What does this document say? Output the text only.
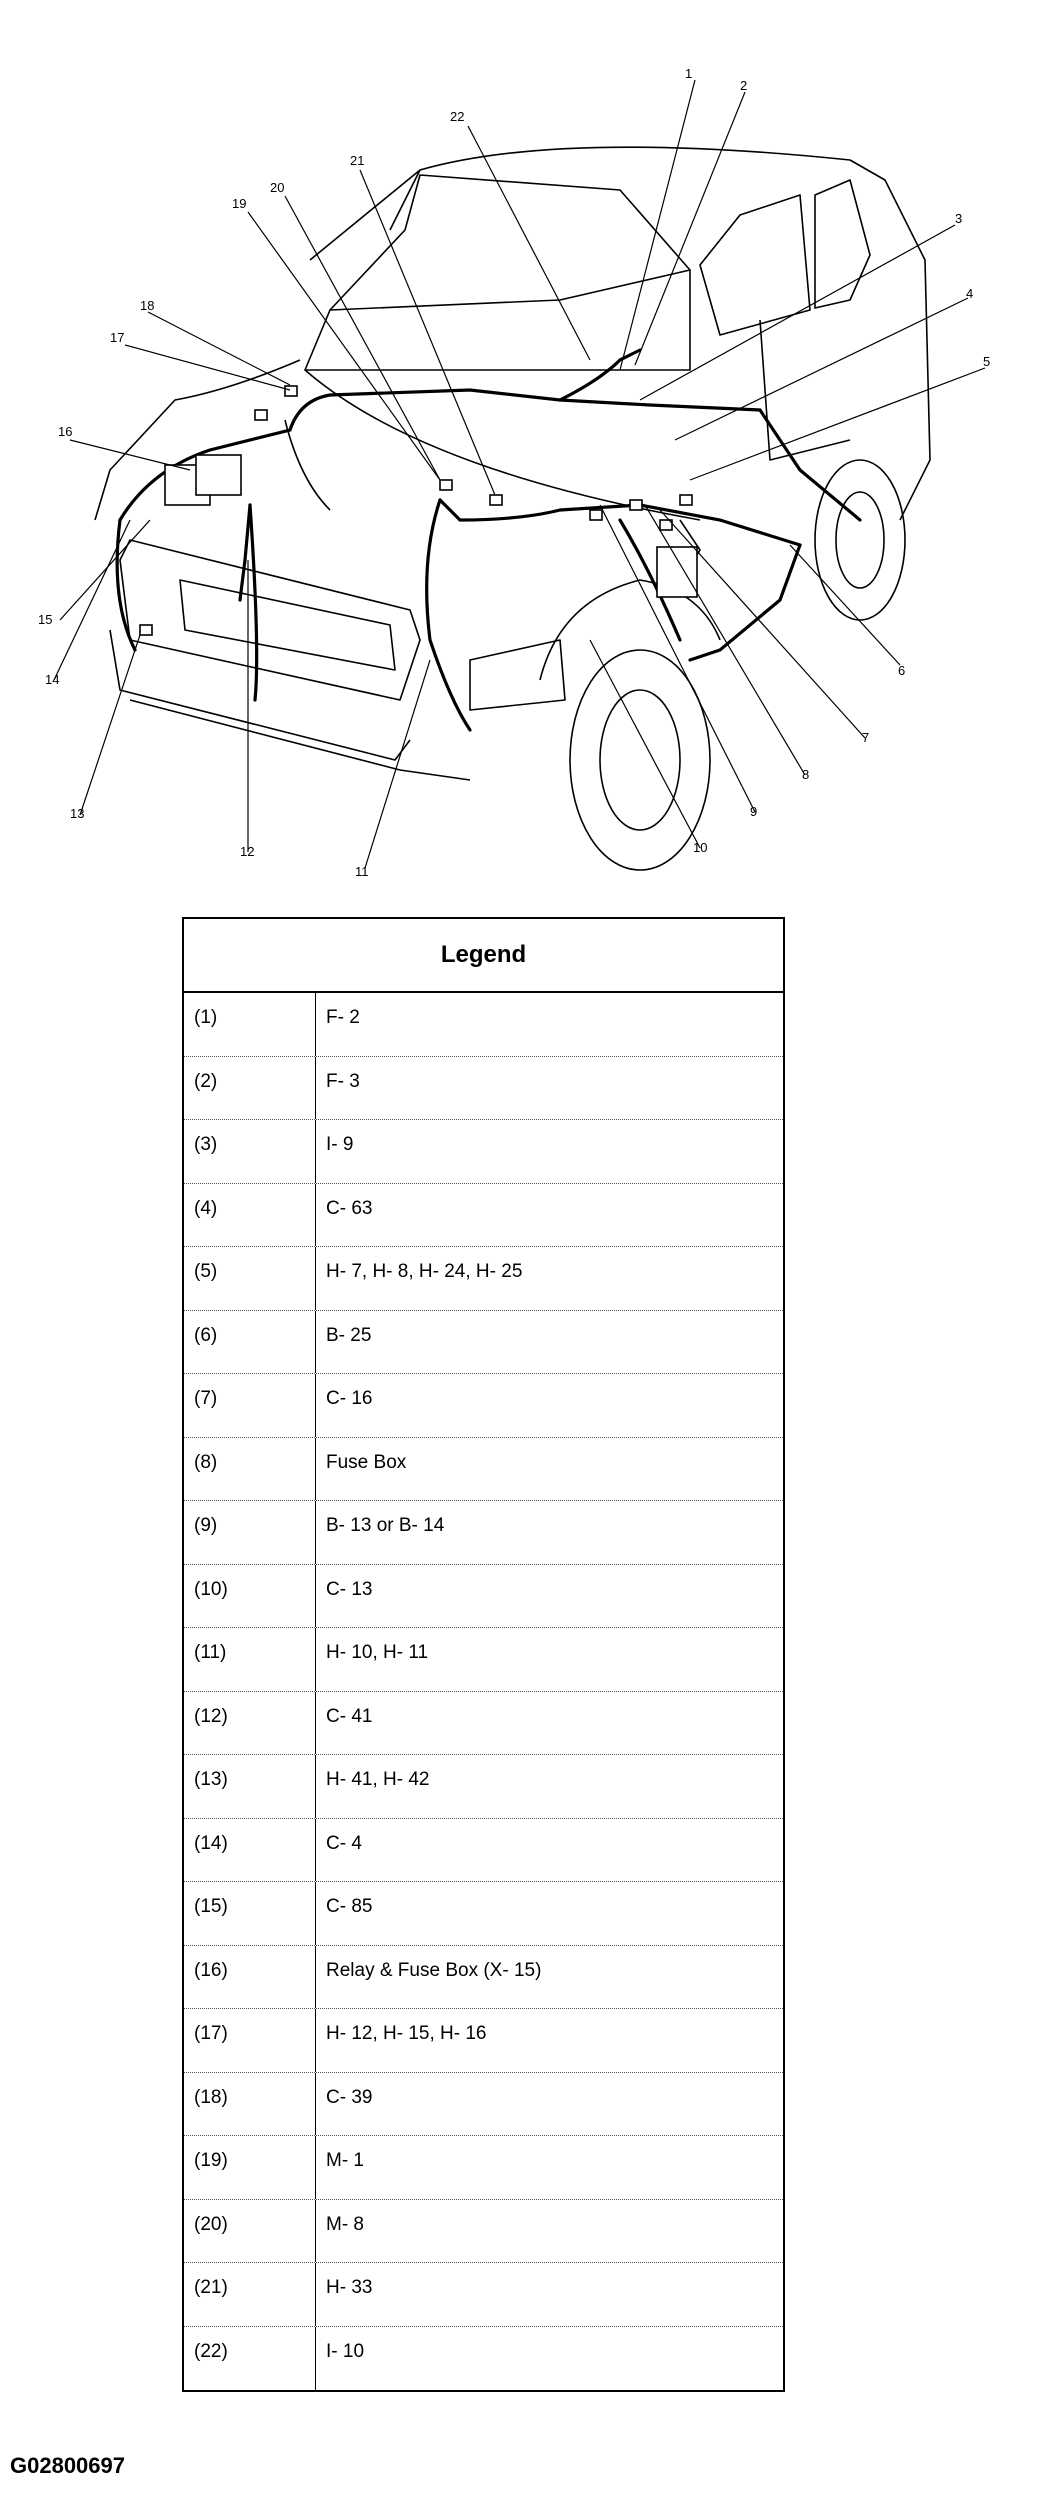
1
2
3
4
5
6
7
8
9
10
11
12
13
14
15
16
17
18
19
20
21
22
Legend
(1)	F- 2
(2)	F- 3
(3)	I- 9
(4)	C- 63
(5)	H- 7, H- 8, H- 24, H- 25
(6)	B- 25
(7)	C- 16
(8)	Fuse Box
(9)	B- 13 or B- 14
(10)	C- 13
(11)	H- 10, H- 11
(12)	C- 41
(13)	H- 41, H- 42
(14)	C- 4
(15)	C- 85
(16)	Relay & Fuse Box (X- 15)
(17)	H- 12, H- 15, H- 16
(18)	C- 39
(19)	M- 1
(20)	M- 8
(21)	H- 33
(22)	I- 10
G02800697
